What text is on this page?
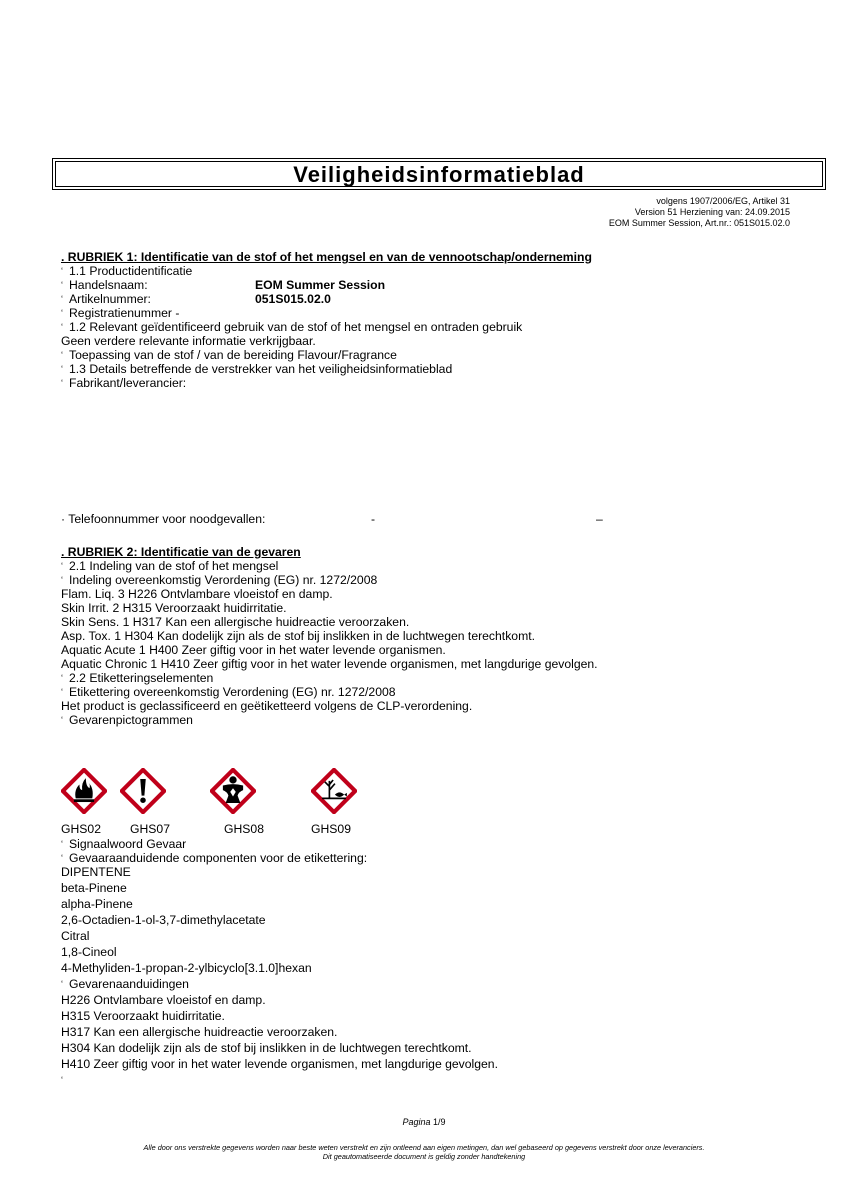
Veiligheidsinformatieblad
volgens 1907/2006/EG, Artikel 31
Version 51 Herziening van: 24.09.2015
EOM Summer Session, Art.nr.: 051S015.02.0
. RUBRIEK 1: Identificatie van de stof of het mengsel en van de vennootschap/onderneming
‘ 1.1 Productidentificatie
‘ Handelsnaam:	EOM Summer Session
‘ Artikelnummer:	051S015.02.0
‘ Registratienummer -
‘ 1.2 Relevant geïdentificeerd gebruik van de stof of het mengsel en ontraden gebruik
Geen verdere relevante informatie verkrijgbaar.
‘ Toepassing van de stof / van de bereiding Flavour/Fragrance
‘ 1.3 Details betreffende de verstrekker van het veiligheidsinformatieblad
‘ Fabrikant/leverancier:
· Telefoonnummer voor noodgevallen:	-	–
. RUBRIEK 2: Identificatie van de gevaren
‘ 2.1 Indeling van de stof of het mengsel
‘ Indeling overeenkomstig Verordening (EG) nr. 1272/2008
Flam. Liq. 3 H226 Ontvlambare vloeistof en damp.
Skin Irrit. 2 H315 Veroorzaakt huidirritatie.
Skin Sens. 1 H317 Kan een allergische huidreactie veroorzaken.
Asp. Tox. 1 H304 Kan dodelijk zijn als de stof bij inslikken in de luchtwegen terechtkomt.
Aquatic Acute 1 H400 Zeer giftig voor in het water levende organismen.
Aquatic Chronic 1 H410 Zeer giftig voor in het water levende organismen, met langdurige gevolgen.
‘ 2.2 Etiketteringselementen
‘ Etikettering overeenkomstig Verordening (EG) nr. 1272/2008
Het product is geclassificeerd en geëtiketteerd volgens de CLP-verordening.
‘ Gevarenpictogrammen
GHS02 GHS07	GHS08	GHS09
‘ Signaalwoord Gevaar
‘ Gevaaraanduidende componenten voor de etikettering:
DIPENTENE
beta-Pinene
alpha-Pinene
2,6-Octadien-1-ol-3,7-dimethylacetate
Citral
1,8-Cineol
4-Methyliden-1-propan-2-ylbicyclo[3.1.0]hexan
‘ Gevarenaanduidingen
H226 Ontvlambare vloeistof en damp.
H315 Veroorzaakt huidirritatie.
H317 Kan een allergische huidreactie veroorzaken.
H304 Kan dodelijk zijn als de stof bij inslikken in de luchtwegen terechtkomt.
H410 Zeer giftig voor in het water levende organismen, met langdurige gevolgen.
‘
Pagina 1/9
Alle door ons verstrekte gegevens worden naar beste weten verstrekt en zijn ontleend aan eigen metingen, dan wel gebaseerd op gegevens verstrekt door onze leveranciers.
Dit geautomatiseerde document is geldig zonder handtekening
